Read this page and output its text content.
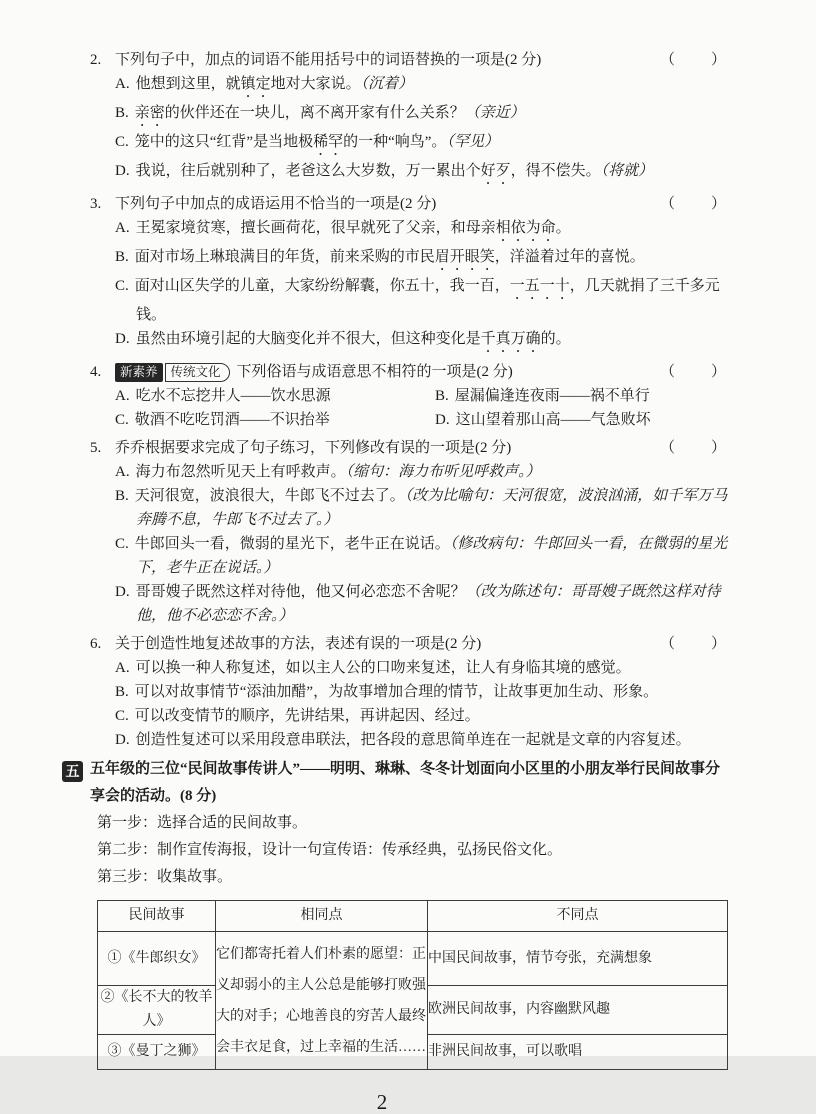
2. 下列句子中，加点的词语不能用括号中的词语替换的一项是(2 分)	（　　）
A. 他想到这里，就镇定地对大家说。（沉着）
B. 亲密的伙伴还在一块儿，离不离开家有什么关系？（亲近）
C. 笼中的这只“红背”是当地极稀罕的一种“响鸟”。（罕见）
D. 我说，往后就别种了，老爸这么大岁数，万一累出个好歹，得不偿失。（将就）
3. 下列句子中加点的成语运用不恰当的一项是(2 分)	（　　）
A. 王冕家境贫寒，擅长画荷花，很早就死了父亲，和母亲相依为命。
B. 面对市场上琳琅满目的年货，前来采购的市民眉开眼笑，洋溢着过年的喜悦。
C. 面对山区失学的儿童，大家纷纷解囊，你五十，我一百，一五一十，几天就捐了三千多元钱。
D. 虽然由环境引起的大脑变化并不很大，但这种变化是千真万确的。
4.	新素养	传统文化	下列俗语与成语意思不相符的一项是(2 分)	（　　）
A. 吃水不忘挖井人——饮水思源	B. 屋漏偏逢连夜雨——祸不单行
C. 敬酒不吃吃罚酒——不识抬举	D. 这山望着那山高——气急败坏
5. 乔乔根据要求完成了句子练习，下列修改有误的一项是(2 分)	（　　）
A. 海力布忽然听见天上有呼救声。（缩句：海力布听见呼救声。）
B. 天河很宽，波浪很大，牛郎飞不过去了。（改为比喻句：天河很宽，波浪汹涌，如千军万马奔腾不息，牛郎飞不过去了。）
C. 牛郎回头一看，微弱的星光下，老牛正在说话。（修改病句：牛郎回头一看，在微弱的星光下，老牛正在说话。）
D. 哥哥嫂子既然这样对待他，他又何必恋恋不舍呢？（改为陈述句：哥哥嫂子既然这样对待他，他不必恋恋不舍。）
6. 关于创造性地复述故事的方法，表述有误的一项是(2 分)	（　　）
A. 可以换一种人称复述，如以主人公的口吻来复述，让人有身临其境的感觉。
B. 可以对故事情节“添油加醋”，为故事增加合理的情节，让故事更加生动、形象。
C. 可以改变情节的顺序，先讲结果，再讲起因、经过。
D. 创造性复述可以采用段意串联法，把各段的意思简单连在一起就是文章的内容复述。
五 五年级的三位“民间故事传讲人”——明明、琳琳、冬冬计划面向小区里的小朋友举行民间故事分享会的活动。(8 分)
第一步：选择合适的民间故事。
第二步：制作宣传海报，设计一句宣传语：传承经典，弘扬民俗文化。
第三步：收集故事。
民间故事	相同点	不同点
①《牛郎织女》	它们都寄托着人们朴素的愿望：正义却弱小的主人公总是能够打败强大的对手；心地善良的穷苦人最终会丰衣足食，过上幸福的生活……	中国民间故事，情节夸张，充满想象
②《长不大的牧羊人》		欧洲民间故事，内容幽默风趣
③《曼丁之狮》		非洲民间故事，可以歌唱
2
